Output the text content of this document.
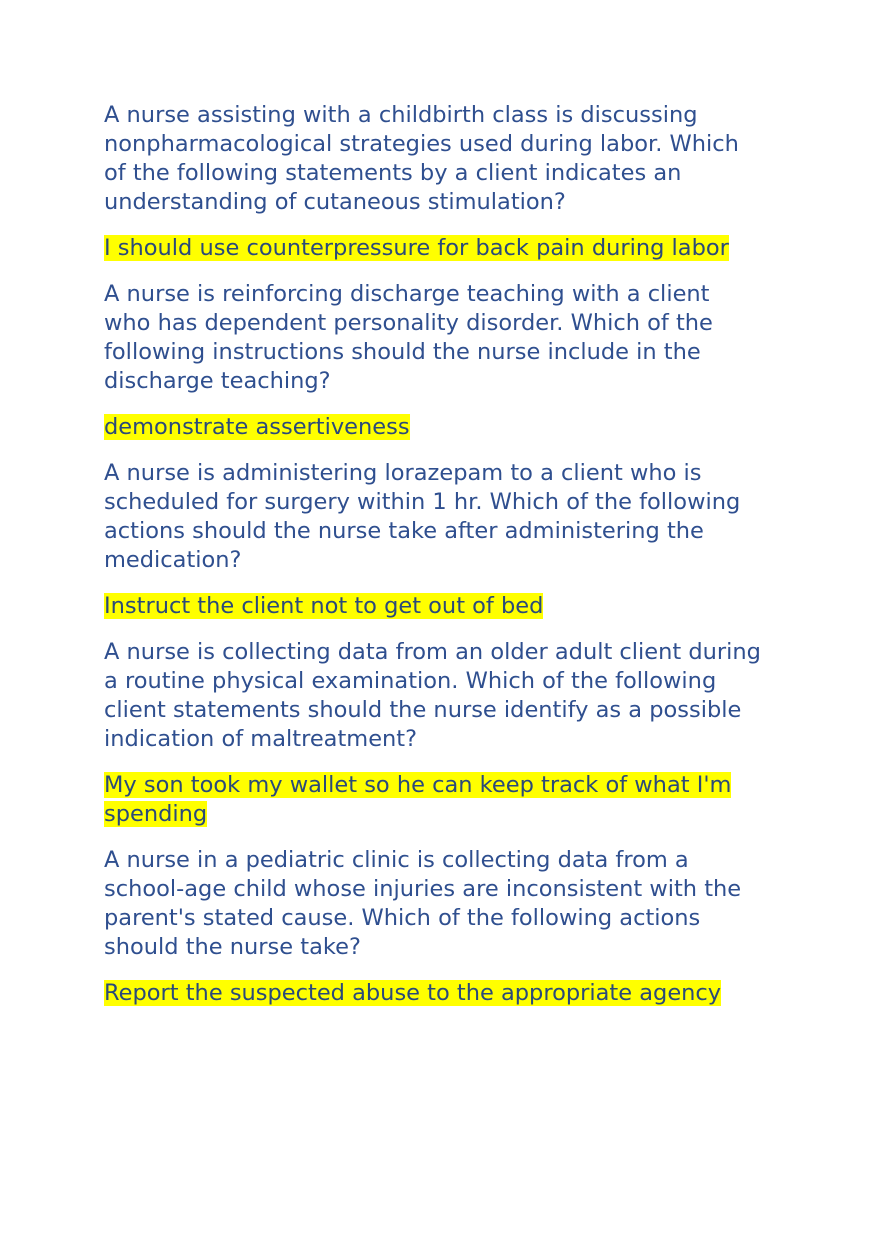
A nurse assisting with a childbirth class is discussing
nonpharmacological strategies used during labor. Which
of the following statements by a client indicates an
understanding of cutaneous stimulation?

I should use counterpressure for back pain during labor

A nurse is reinforcing discharge teaching with a client
who has dependent personality disorder. Which of the
following instructions should the nurse include in the
discharge teaching?

demonstrate assertiveness

A nurse is administering lorazepam to a client who is
scheduled for surgery within 1 hr. Which of the following
actions should the nurse take after administering the
medication?

Instruct the client not to get out of bed

A nurse is collecting data from an older adult client during
a routine physical examination. Which of the following
client statements should the nurse identify as a possible
indication of maltreatment?

My son took my wallet so he can keep track of what I'm
spending

A nurse in a pediatric clinic is collecting data from a
school-age child whose injuries are inconsistent with the
parent's stated cause. Which of the following actions
should the nurse take?

Report the suspected abuse to the appropriate agency
